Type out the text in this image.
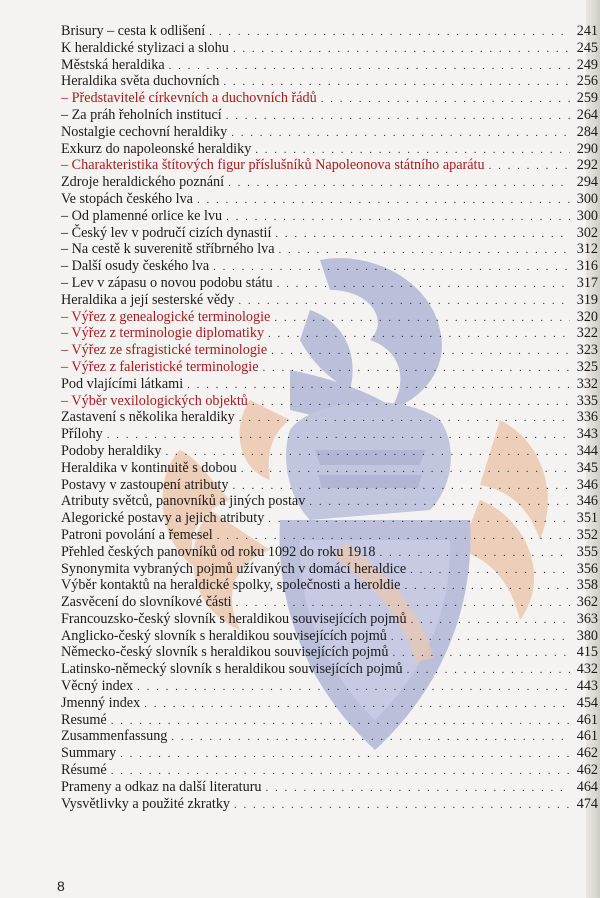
Brisury – cesta k odlišení . . .	241
K heraldické stylizaci a slohu . . .	245
Městská heraldika . . .	249
Heraldika světa duchovních . . .	256
– Představitelé církevních a duchovních řádů . . .	259
– Za práh řeholních institucí . . .	264
Nostalgie cechovní heraldiky . . .	284
Exkurz do napoleonské heraldiky . . .	290
– Charakteristika štítových figur příslušníků Napoleonova státního aparátu . . .	292
Zdroje heraldického poznání . . .	294
Ve stopách českého lva . . .	300
– Od plamenné orlice ke lvu . . .	300
– Český lev v područí cizích dynastií . . .	302
– Na cestě k suverenitě stříbrného lva . . .	312
– Další osudy českého lva . . .	316
– Lev v zápasu o novou podobu státu . . .	317
Heraldika a její sesterské vědy . . .	319
– Výřez z genealogické terminologie . . .	320
– Výřez z terminologie diplomatiky . . .	322
– Výřez ze sfragistické terminologie . . .	323
– Výřez z faleristické terminologie . . .	325
Pod vlajícími látkami . . .	332
– Výběr vexilologických objektů . . .	335
Zastavení s několika heraldiky . . .	336
Přílohy . . .	343
Podoby heraldiky . . .	344
Heraldika v kontinuitě s dobou . . .	345
Postavy v zastoupení atributy . . .	346
Atributy světců, panovníků a jiných postav . . .	346
Alegorické postavy a jejich atributy . . .	351
Patroni povolání a řemesel . . .	352
Přehled českých panovníků od roku 1092 do roku 1918 . . .	355
Synonymita vybraných pojmů užívaných v domácí heraldice . . .	356
Výběr kontaktů na heraldické spolky, společnosti a heroldie . . .	358
Zasvěcení do slovníkové části . . .	362
Francouzsko-český slovník s heraldikou souvisejících pojmů . . .	363
Anglicko-český slovník s heraldikou souvisejících pojmů . . .	380
Německo-český slovník s heraldikou souvisejících pojmů . . .	415
Latinsko-německý slovník s heraldikou souvisejících pojmů . . .	432
Věcný index . . .	443
Jmenný index . . .	454
Resumé . . .	461
Zusammenfassung . . .	461
Summary . . .	462
Résumé . . .	462
Prameny a odkaz na další literaturu . . .	464
Vysvětlivky a použité zkratky . . .	474
8
